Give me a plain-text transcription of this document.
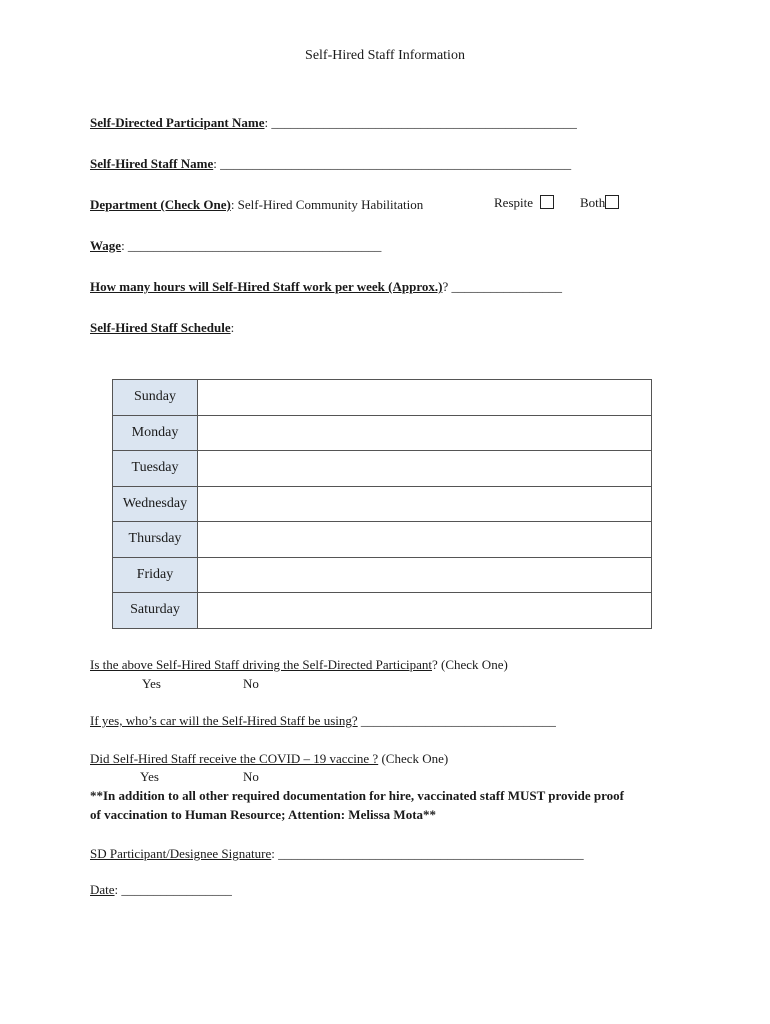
Self-Hired Staff Information
Self-Directed Participant Name: _______________________________________________
Self-Hired Staff Name: ______________________________________________________
Department (Check One): Self-Hired Community Habilitation	Respite	Both
Wage: _______________________________________
How many hours will Self-Hired Staff work per week (Approx.)? _________________
Self-Hired Staff Schedule:
Sunday	
Monday	
Tuesday	
Wednesday	
Thursday	
Friday	
Saturday	
Is the above Self-Hired Staff driving the Self-Directed Participant? (Check One)
Yes	No
If yes, who’s car will the Self-Hired Staff be using? ______________________________
Did Self-Hired Staff receive the COVID – 19 vaccine ? (Check One)
Yes	No
**In addition to all other required documentation for hire, vaccinated staff MUST provide proof
of vaccination to Human Resource; Attention: Melissa Mota**
SD Participant/Designee Signature: _______________________________________________
Date: _________________
